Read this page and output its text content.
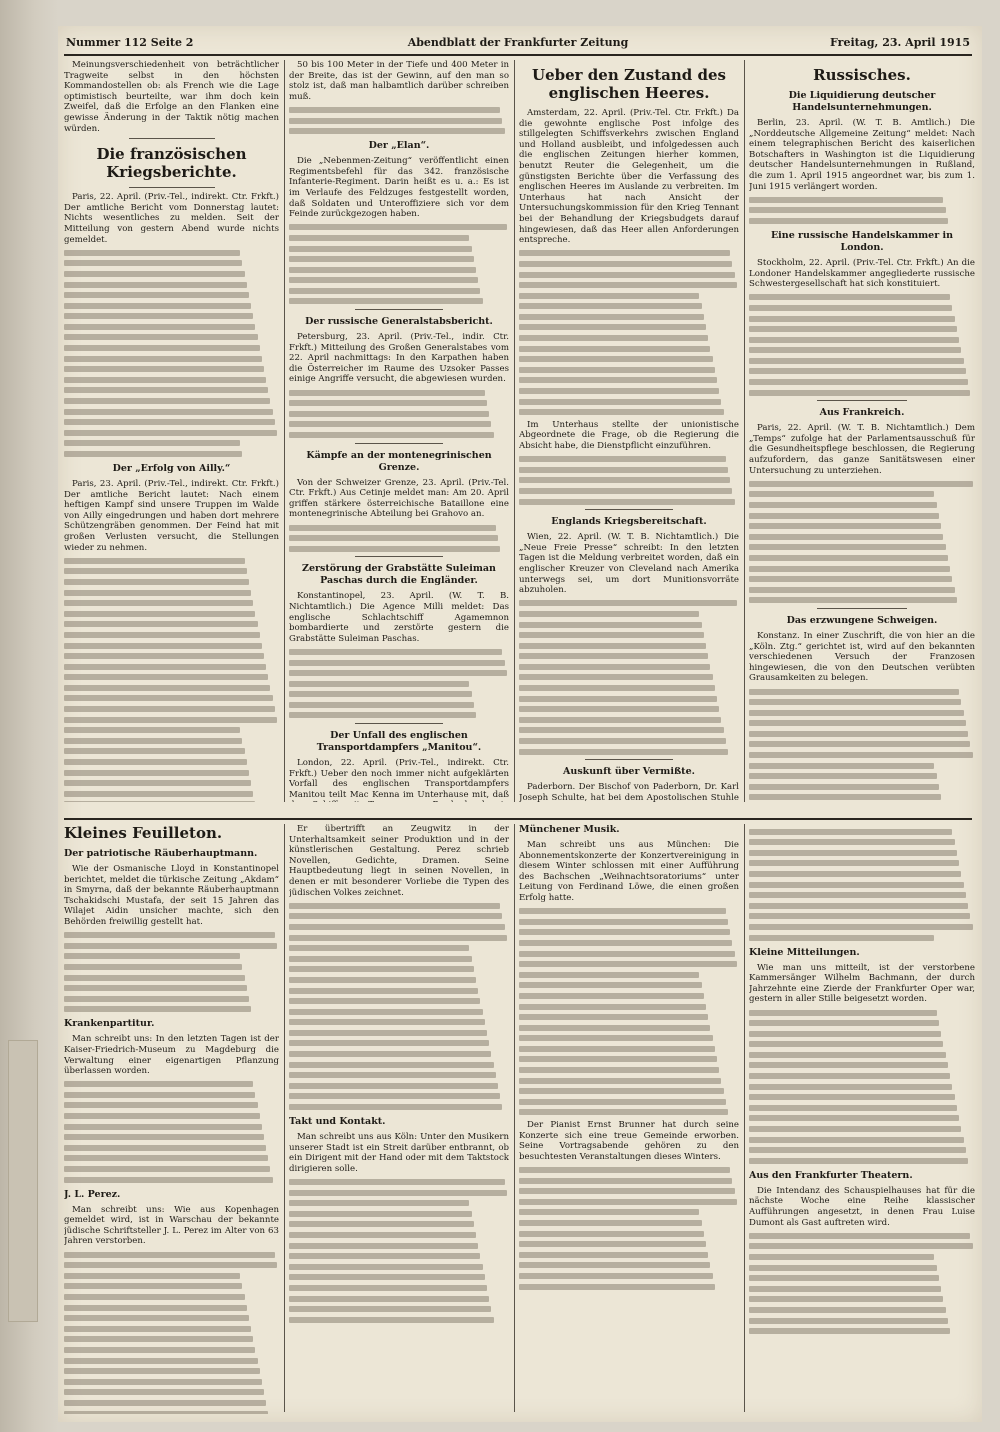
Nummer 112 Seite 2	Abendblatt der Frankfurter Zeitung	Freitag, 23. April 1915

Meinungsverschiedenheit von beträchtlicher Tragweite selbst in den höchsten Kommandostellen ob: als French wie die Lage optimistisch beurteilte, war ihm doch kein Zweifel, daß die Erfolge an den Flanken eine gewisse Änderung in der Taktik nötig machen würden.

Die französischen Kriegsberichte.

Paris, 22. April. (Priv.-Tel., indirekt. Ctr. Frkft.) Der amtliche Bericht vom Donnerstag lautet: Nichts wesentliches zu melden. Seit der Mitteilung von gestern Abend wurde nichts gemeldet.

Der „Erfolg von Ailly.“

Paris, 23. April. (Priv.-Tel., indirekt. Ctr. Frkft.) Der amtliche Bericht lautet: Nach einem heftigen Kampf sind unsere Truppen im Walde von Ailly eingedrungen und haben dort mehrere Schützengräben genommen. Der Feind hat mit großen Verlusten versucht, die Stellungen wieder zu nehmen.

50 bis 100 Meter in der Tiefe und 400 Meter in der Breite, das ist der Gewinn, auf den man so stolz ist, daß man halbamtlich darüber schreiben muß.

Der „Elan“.

Die „Nebenmen-Zeitung“ veröffentlicht einen Regimentsbefehl für das 342. französische Infanterie-Regiment. Darin heißt es u. a.: Es ist im Verlaufe des Feldzuges festgestellt worden, daß Soldaten und Unteroffiziere sich vor dem Feinde zurückgezogen haben.

Der russische Generalstabsbericht.

Petersburg, 23. April. (Priv.-Tel., indir. Ctr. Frkft.) Mitteilung des Großen Generalstabes vom 22. April nachmittags: In den Karpathen haben die Österreicher im Raume des Uzsoker Passes einige Angriffe versucht, die abgewiesen wurden.

Kämpfe an der montenegrinischen Grenze.

Von der Schweizer Grenze, 23. April. (Priv.-Tel. Ctr. Frkft.) Aus Cetinje meldet man: Am 20. April griffen stärkere österreichische Bataillone eine montenegrinische Abteilung bei Grahovo an.

Zerstörung der Grabstätte Suleiman Paschas durch die Engländer.

Konstantinopel, 23. April. (W. T. B. Nichtamtlich.) Die Agence Milli meldet: Das englische Schlachtschiff Agamemnon bombardierte und zerstörte gestern die Grabstätte Suleiman Paschas.

Der Unfall des englischen Transportdampfers „Manitou“.

London, 22. April. (Priv.-Tel., indirekt. Ctr. Frkft.) Ueber den noch immer nicht aufgeklärten Vorfall des englischen Transportdampfers Manitou teilt Mac Kenna im Unterhause mit, daß

Ueber den Zustand des englischen Heeres.

Amsterdam, 22. April. (Priv.-Tel. Ctr. Frkft.) Da die gewohnte englische Post infolge des stillgelegten Schiffsverkehrs zwischen England und Holland ausbleibt, und infolgedessen auch die englischen Zeitungen hierher kommen, benutzt Reuter die Gelegenheit, um die günstigsten Berichte über die Verfassung des englischen Heeres im Auslande zu verbreiten. Im Unterhaus hat nach Ansicht der Untersuchungskommission für den Krieg Tennant bei der Behandlung der Kriegsbudgets darauf hingewiesen, daß das Heer allen Anforderungen entspreche.

Im Unterhaus stellte der unionistische Abgeordnete die Frage, ob die Regierung die Absicht habe, die Dienstpflicht einzuführen.

Englands Kriegsbereitschaft.

Wien, 22. April. (W. T. B. Nichtamtlich.) Die „Neue Freie Presse“ schreibt: In den letzten Tagen ist die Meldung verbreitet worden, daß ein englischer Kreuzer von Cleveland nach Amerika unterwegs sei, um dort Munitionsvorräte abzuholen.

Auskunft über Vermißte.

Paderborn. Der Bischof von Paderborn, Dr. Karl Joseph Schulte, hat bei dem Apostolischen Stuhle

Russisches.
Die Liquidierung deutscher Handelsunternehmungen.

Berlin, 23. April. (W. T. B. Amtlich.) Die „Norddeutsche Allgemeine Zeitung“ meldet: Nach einem telegraphischen Bericht des kaiserlichen Botschafters in Washington ist die Liquidierung deutscher Handelsunternehmungen in Rußland, die zum 1. April 1915 angeordnet war, bis zum 1. Juni 1915 verlängert worden.

Eine russische Handelskammer in London.

Stockholm, 22. April. (Priv.-Tel. Ctr. Frkft.) An die Londoner Handelskammer angegliederte russische Schwestergesellschaft hat sich konstituiert.

Aus Frankreich.

Paris, 22. April. (W. T. B. Nichtamtlich.) Dem „Temps“ zufolge hat der Parlamentsausschuß für die Gesundheitspflege beschlossen, die Regierung aufzufordern, das ganze Sanitätswesen einer Untersuchung zu unterziehen.

Das erzwungene Schweigen.

Konstanz. In einer Zuschrift, die von hier an die „Köln. Ztg.“ gerichtet ist, wird auf den bekannten verschiedenen Versuch der Franzosen hingewiesen, die von den Deutschen verübten Grausamkeiten zu belegen.

Kleines Feuilleton.
Der patriotische Räuberhauptmann.

Wie der Osmanische Lloyd in Konstantinopel berichtet, meldet die türkische Zeitung „Akdam“ in Smyrna, daß der bekannte Räuberhauptmann Tschakidschi Mustafa, der seit 15 Jahren das Wilajet Aidin unsicher machte, sich den Behörden freiwillig gestellt hat.

Krankenpartitur.

Man schreibt uns: In den letzten Tagen ist der Kaiser-Friedrich-Museum zu Magdeburg die Verwaltung einer eigenartigen Pflanzung überlassen worden.

J. L. Perez.

Man schreibt uns: Wie aus Kopenhagen gemeldet wird, ist in Warschau der bekannte jüdische Schriftsteller J. L. Perez im Alter von 63 Jahren verstorben.

Er übertrifft an Zeugwitz in der Unterhaltsamkeit seiner Produktion und in der künstlerischen Gestaltung. Perez schrieb Novellen, Gedichte, Dramen. Seine Hauptbedeutung liegt in seinen Novellen, in denen er mit besonderer Vorliebe die Typen des jüdischen Volkes zeichnet.

Takt und Kontakt.

Man schreibt uns aus Köln: Unter den Musikern unserer Stadt ist ein Streit darüber entbrannt, ob ein Dirigent mit der Hand oder mit dem Taktstock dirigieren solle.

Münchener Musik.

Man schreibt uns aus München: Die Abonnementskonzerte der Konzertvereinigung in diesem Winter schlossen mit einer Aufführung des Bachschen „Weihnachtsoratoriums“ unter Leitung von Ferdinand Löwe, die einen großen Erfolg hatte.

Der Pianist Ernst Brunner hat durch seine Konzerte sich eine treue Gemeinde erworben. Seine Vortragsabende gehören zu den besuchtesten Veranstaltungen dieses Winters.

Kleine Mitteilungen.

Wie man uns mitteilt, ist der verstorbene Kammersänger Wilhelm Bachmann, der durch Jahrzehnte eine Zierde der Frankfurter Oper war, gestern in aller Stille beigesetzt worden.

Aus den Frankfurter Theatern.

Die Intendanz des Schauspielhauses hat für die nächste Woche eine Reihe klassischer Aufführungen angesetzt, in denen Frau Luise Dumont als Gast auftreten wird.
